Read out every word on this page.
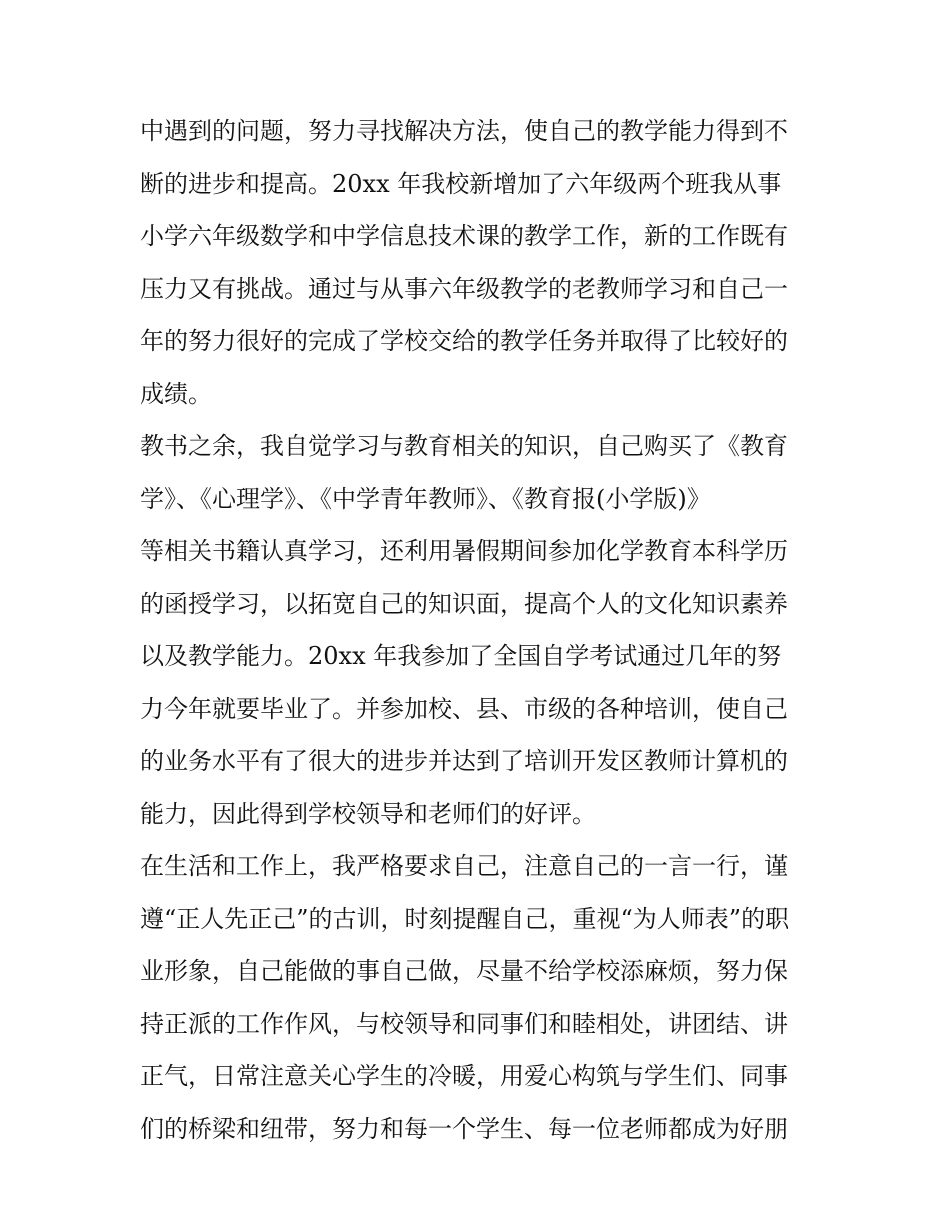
中遇到的问题，努力寻找解决方法，使自己的教学能力得到不
断的进步和提高。20xx 年我校新增加了六年级两个班我从事
小学六年级数学和中学信息技术课的教学工作，新的工作既有
压力又有挑战。通过与从事六年级教学的老教师学习和自己一
年的努力很好的完成了学校交给的教学任务并取得了比较好的
成绩。
教书之余，我自觉学习与教育相关的知识，自己购买了《教育
学》、《心理学》、《中学青年教师》、《教育报(小学版)》
等相关书籍认真学习，还利用暑假期间参加化学教育本科学历
的函授学习，以拓宽自己的知识面，提高个人的文化知识素养
以及教学能力。20xx 年我参加了全国自学考试通过几年的努
力今年就要毕业了。并参加校、县、市级的各种培训，使自己
的业务水平有了很大的进步并达到了培训开发区教师计算机的
能力，因此得到学校领导和老师们的好评。
在生活和工作上，我严格要求自己，注意自己的一言一行，谨
遵“正人先正己”的古训，时刻提醒自己，重视“为人师表”的职
业形象，自己能做的事自己做，尽量不给学校添麻烦，努力保
持正派的工作作风，与校领导和同事们和睦相处，讲团结、讲
正气，日常注意关心学生的冷暖，用爱心构筑与学生们、同事
们的桥梁和纽带，努力和每一个学生、每一位老师都成为好朋
